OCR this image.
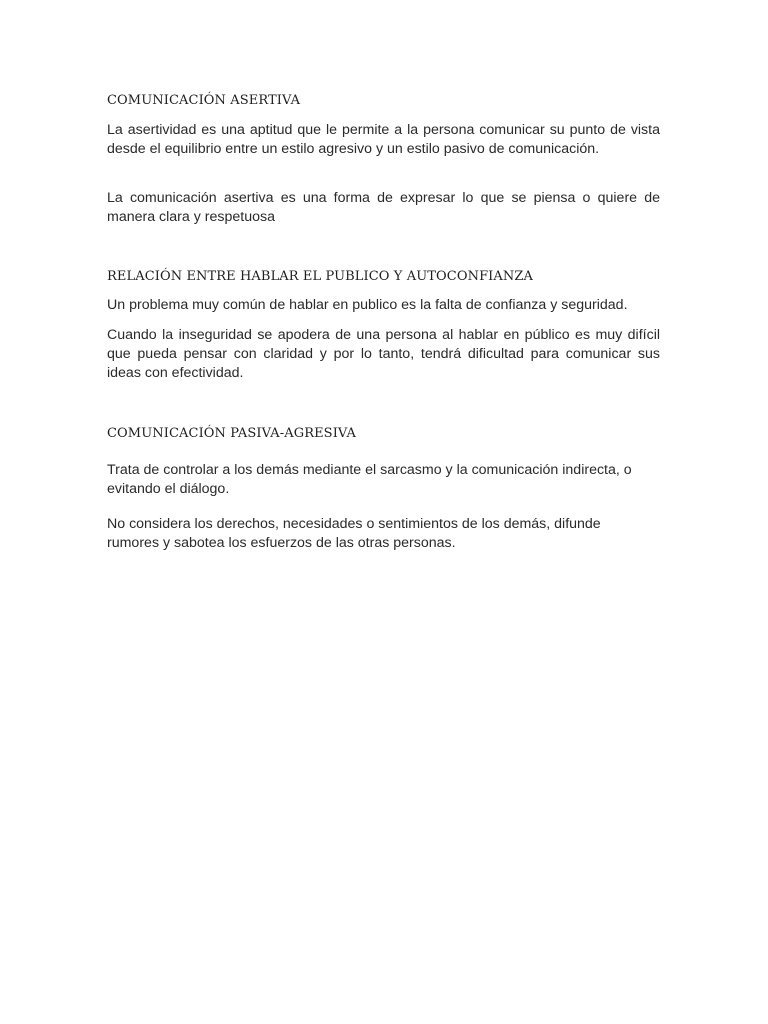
COMUNICACIÓN ASERTIVA

La asertividad es una aptitud que le permite a la persona comunicar su punto de vista desde el equilibrio entre un estilo agresivo y un estilo pasivo de comunicación.

La comunicación asertiva es una forma de expresar lo que se piensa o quiere de manera clara y respetuosa

RELACIÓN ENTRE HABLAR EL PUBLICO Y AUTOCONFIANZA

Un problema muy común de hablar en publico es la falta de confianza y seguridad.

Cuando la inseguridad se apodera de una persona al hablar en público es muy difícil que pueda pensar con claridad y por lo tanto, tendrá dificultad para comunicar sus ideas con efectividad.

COMUNICACIÓN PASIVA-AGRESIVA

Trata de controlar a los demás mediante el sarcasmo y la comunicación indirecta, o evitando el diálogo.

No considera los derechos, necesidades o sentimientos de los demás, difunde rumores y sabotea los esfuerzos de las otras personas.
